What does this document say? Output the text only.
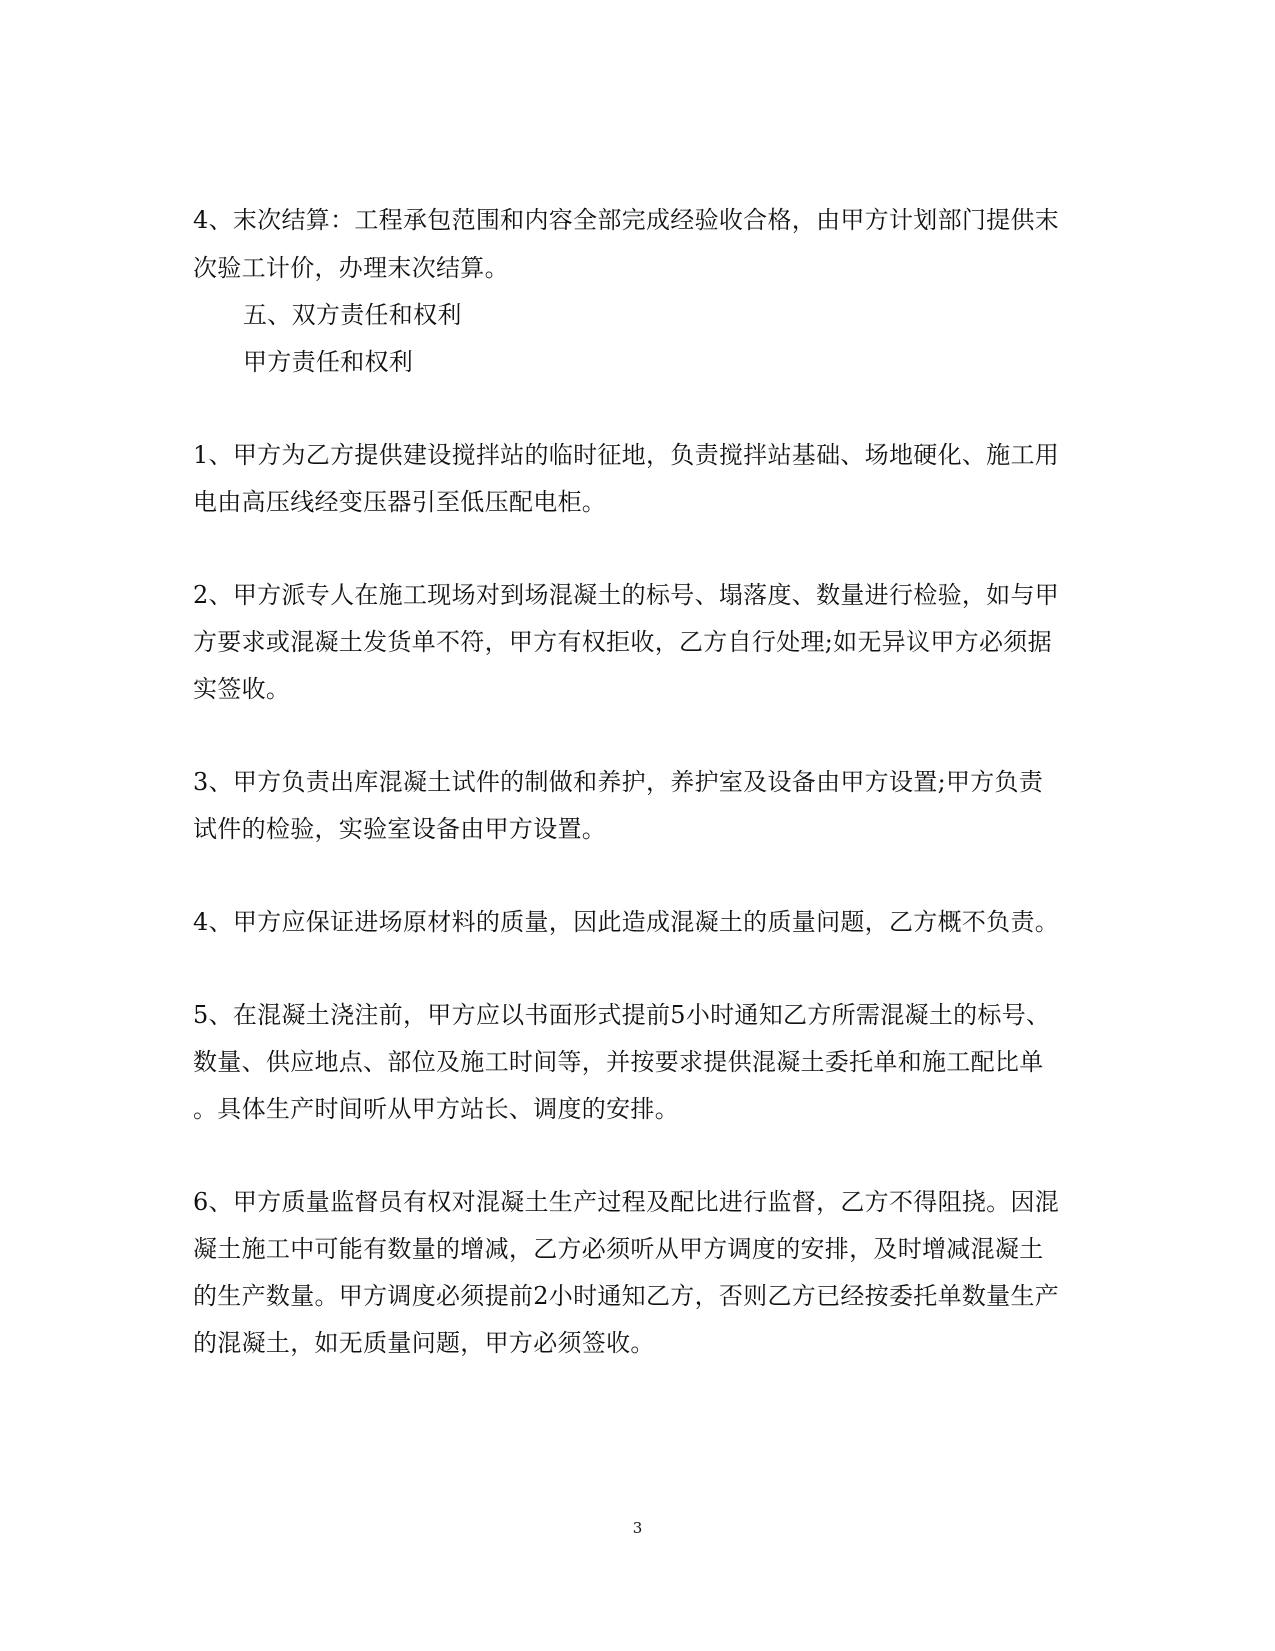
4、末次结算：工程承包范围和内容全部完成经验收合格，由甲方计划部门提供末
次验工计价，办理末次结算。
五、双方责任和权利
甲方责任和权利
1、甲方为乙方提供建设搅拌站的临时征地，负责搅拌站基础、场地硬化、施工用
电由高压线经变压器引至低压配电柜。
2、甲方派专人在施工现场对到场混凝土的标号、塌落度、数量进行检验，如与甲
方要求或混凝土发货单不符，甲方有权拒收，乙方自行处理;如无异议甲方必须据
实签收。
3、甲方负责出库混凝土试件的制做和养护，养护室及设备由甲方设置;甲方负责
试件的检验，实验室设备由甲方设置。
4、甲方应保证进场原材料的质量，因此造成混凝土的质量问题，乙方概不负责。
5、在混凝土浇注前，甲方应以书面形式提前5小时通知乙方所需混凝土的标号、
数量、供应地点、部位及施工时间等，并按要求提供混凝土委托单和施工配比单
。具体生产时间听从甲方站长、调度的安排。
6、甲方质量监督员有权对混凝土生产过程及配比进行监督，乙方不得阻挠。因混
凝土施工中可能有数量的增减，乙方必须听从甲方调度的安排，及时增减混凝土
的生产数量。甲方调度必须提前2小时通知乙方，否则乙方已经按委托单数量生产
的混凝土，如无质量问题，甲方必须签收。
3
